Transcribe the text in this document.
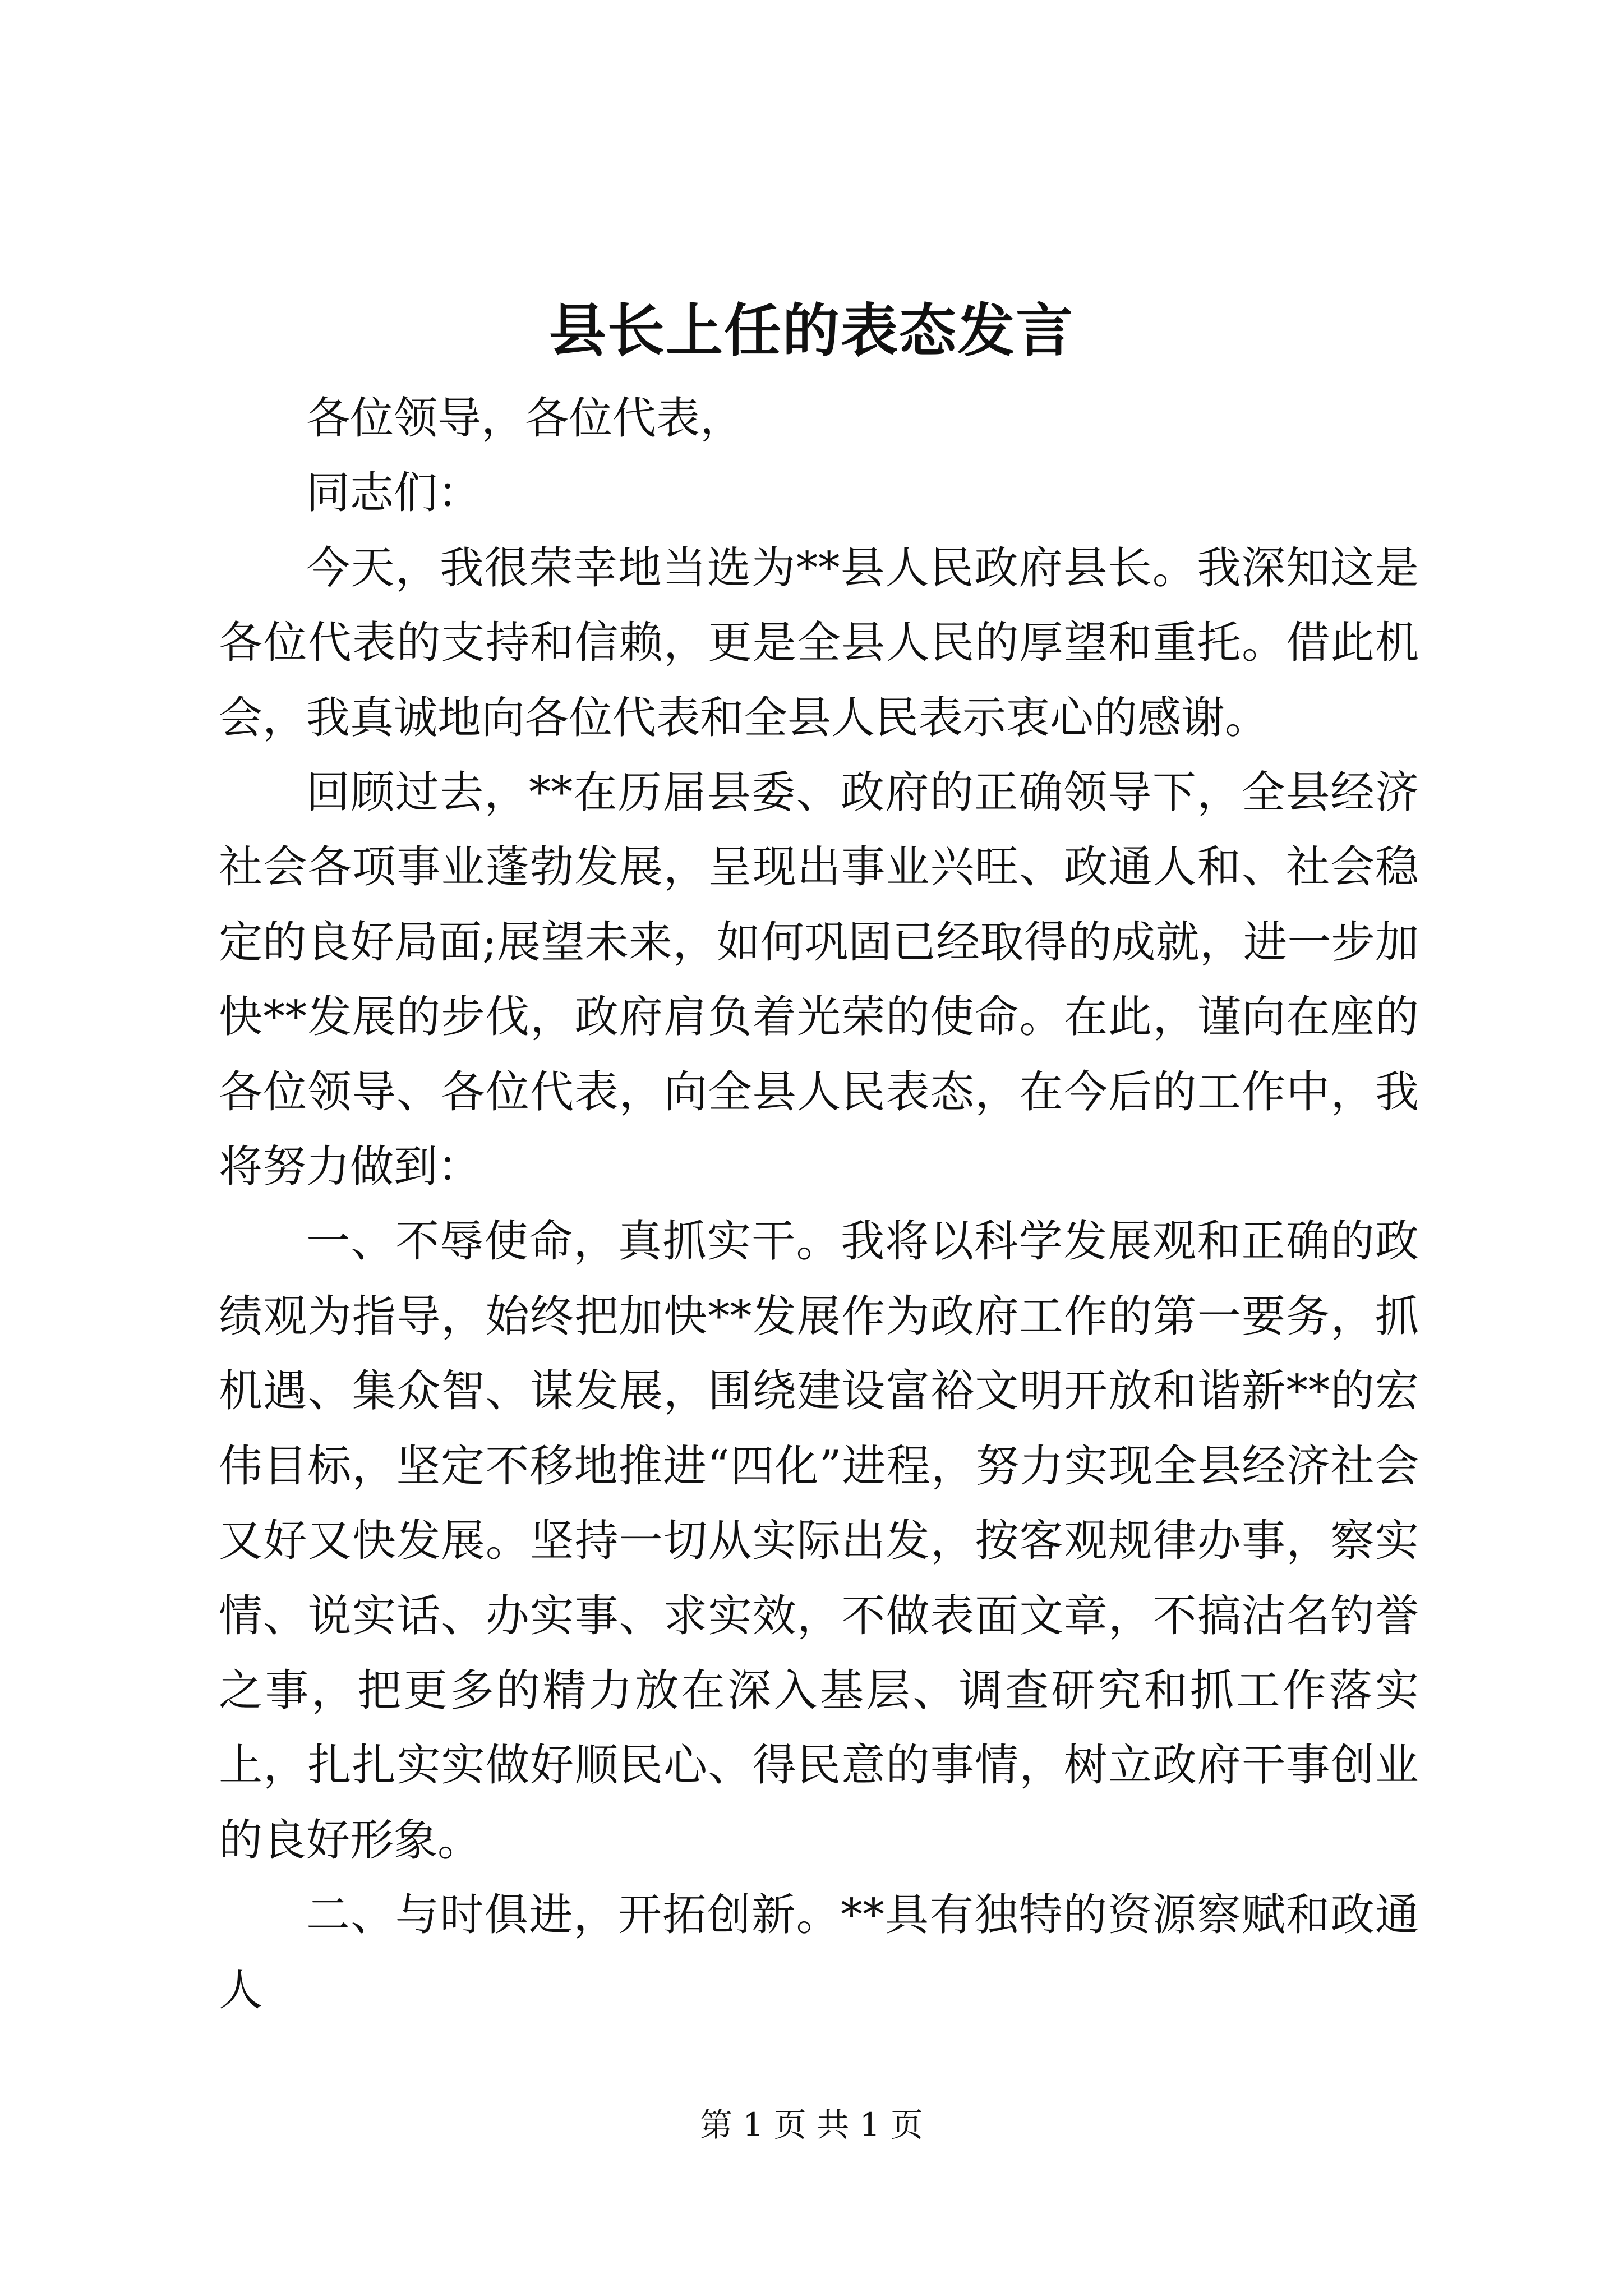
县长上任的表态发言

各位领导，各位代表，

同志们：

今天，我很荣幸地当选为**县人民政府县长。我深知这是各位代表的支持和信赖，更是全县人民的厚望和重托。借此机会，我真诚地向各位代表和全县人民表示衷心的感谢。

回顾过去，**在历届县委、政府的正确领导下，全县经济社会各项事业蓬勃发展，呈现出事业兴旺、政通人和、社会稳定的良好局面;展望未来，如何巩固已经取得的成就，进一步加快**发展的步伐，政府肩负着光荣的使命。在此，谨向在座的各位领导、各位代表，向全县人民表态，在今后的工作中，我将努力做到：

一、不辱使命，真抓实干。我将以科学发展观和正确的政绩观为指导，始终把加快**发展作为政府工作的第一要务，抓机遇、集众智、谋发展，围绕建设富裕文明开放和谐新**的宏伟目标，坚定不移地推进“四化”进程，努力实现全县经济社会又好又快发展。坚持一切从实际出发，按客观规律办事，察实情、说实话、办实事、求实效，不做表面文章，不搞沽名钓誉之事，把更多的精力放在深入基层、调查研究和抓工作落实上，扎扎实实做好顺民心、得民意的事情，树立政府干事创业的良好形象。

二、与时俱进，开拓创新。**具有独特的资源察赋和政通人

第 1 页 共 1 页
